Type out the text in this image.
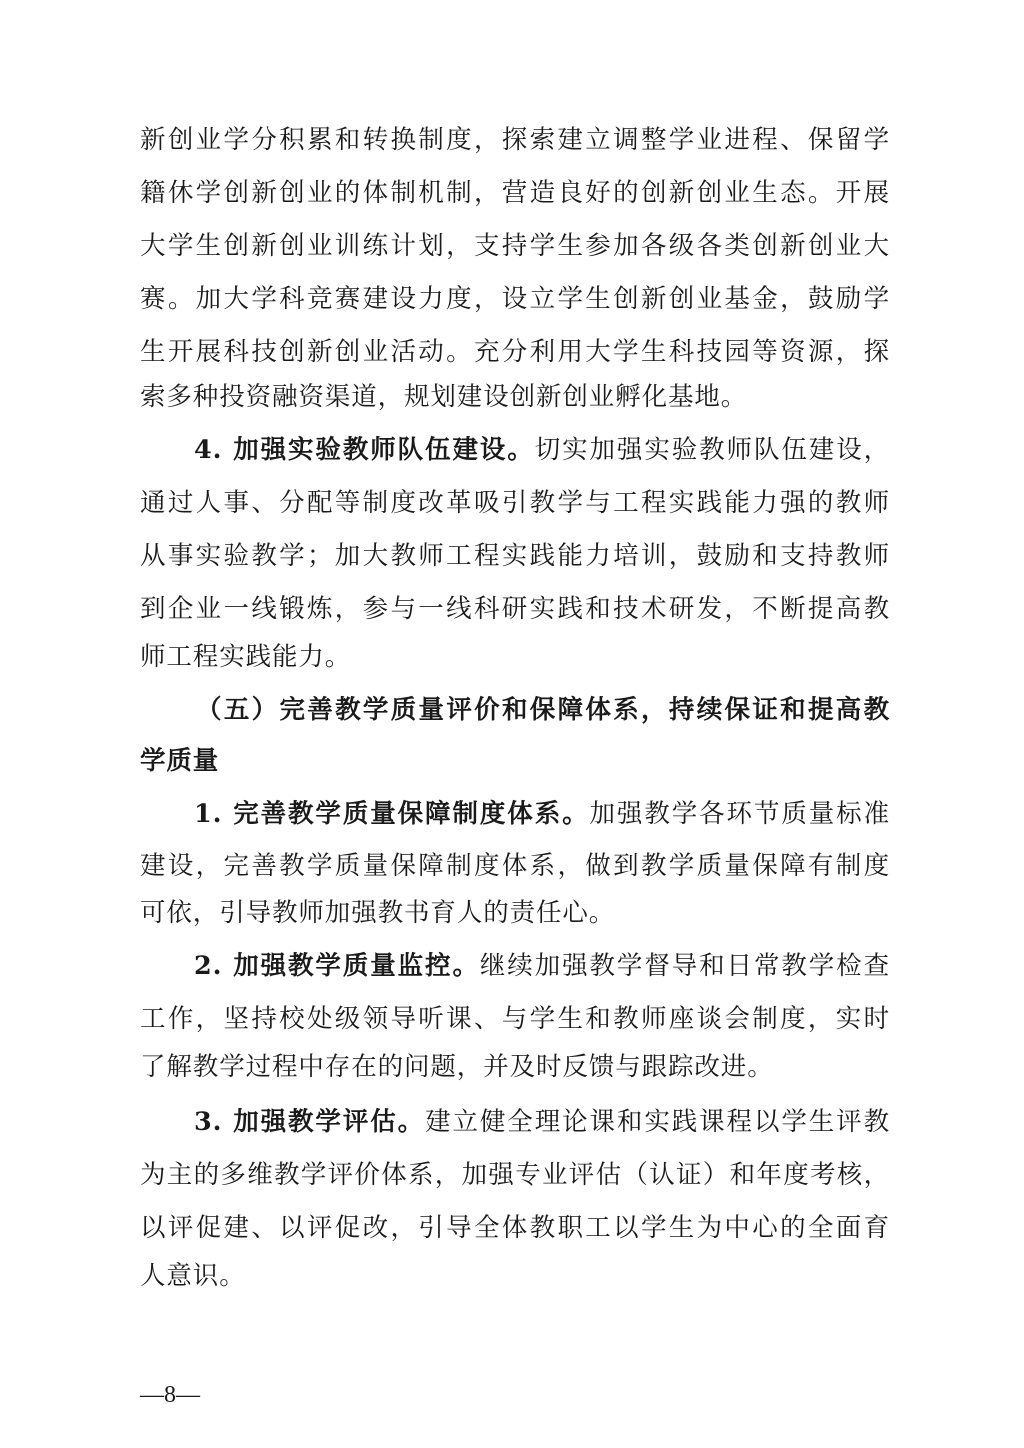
新创业学分积累和转换制度，探索建立调整学业进程、保留学
籍休学创新创业的体制机制，营造良好的创新创业生态。开展
大学生创新创业训练计划，支持学生参加各级各类创新创业大
赛。加大学科竞赛建设力度，设立学生创新创业基金，鼓励学
生开展科技创新创业活动。充分利用大学生科技园等资源，探
索多种投资融资渠道，规划建设创新创业孵化基地。
4. 加强实验教师队伍建设。切实加强实验教师队伍建设，
通过人事、分配等制度改革吸引教学与工程实践能力强的教师
从事实验教学；加大教师工程实践能力培训，鼓励和支持教师
到企业一线锻炼，参与一线科研实践和技术研发，不断提高教
师工程实践能力。
（五）完善教学质量评价和保障体系，持续保证和提高教
学质量
1. 完善教学质量保障制度体系。加强教学各环节质量标准
建设，完善教学质量保障制度体系，做到教学质量保障有制度
可依，引导教师加强教书育人的责任心。
2. 加强教学质量监控。继续加强教学督导和日常教学检查
工作，坚持校处级领导听课、与学生和教师座谈会制度，实时
了解教学过程中存在的问题，并及时反馈与跟踪改进。
3. 加强教学评估。建立健全理论课和实践课程以学生评教
为主的多维教学评价体系，加强专业评估（认证）和年度考核，
以评促建、以评促改，引导全体教职工以学生为中心的全面育
人意识。
—8—
